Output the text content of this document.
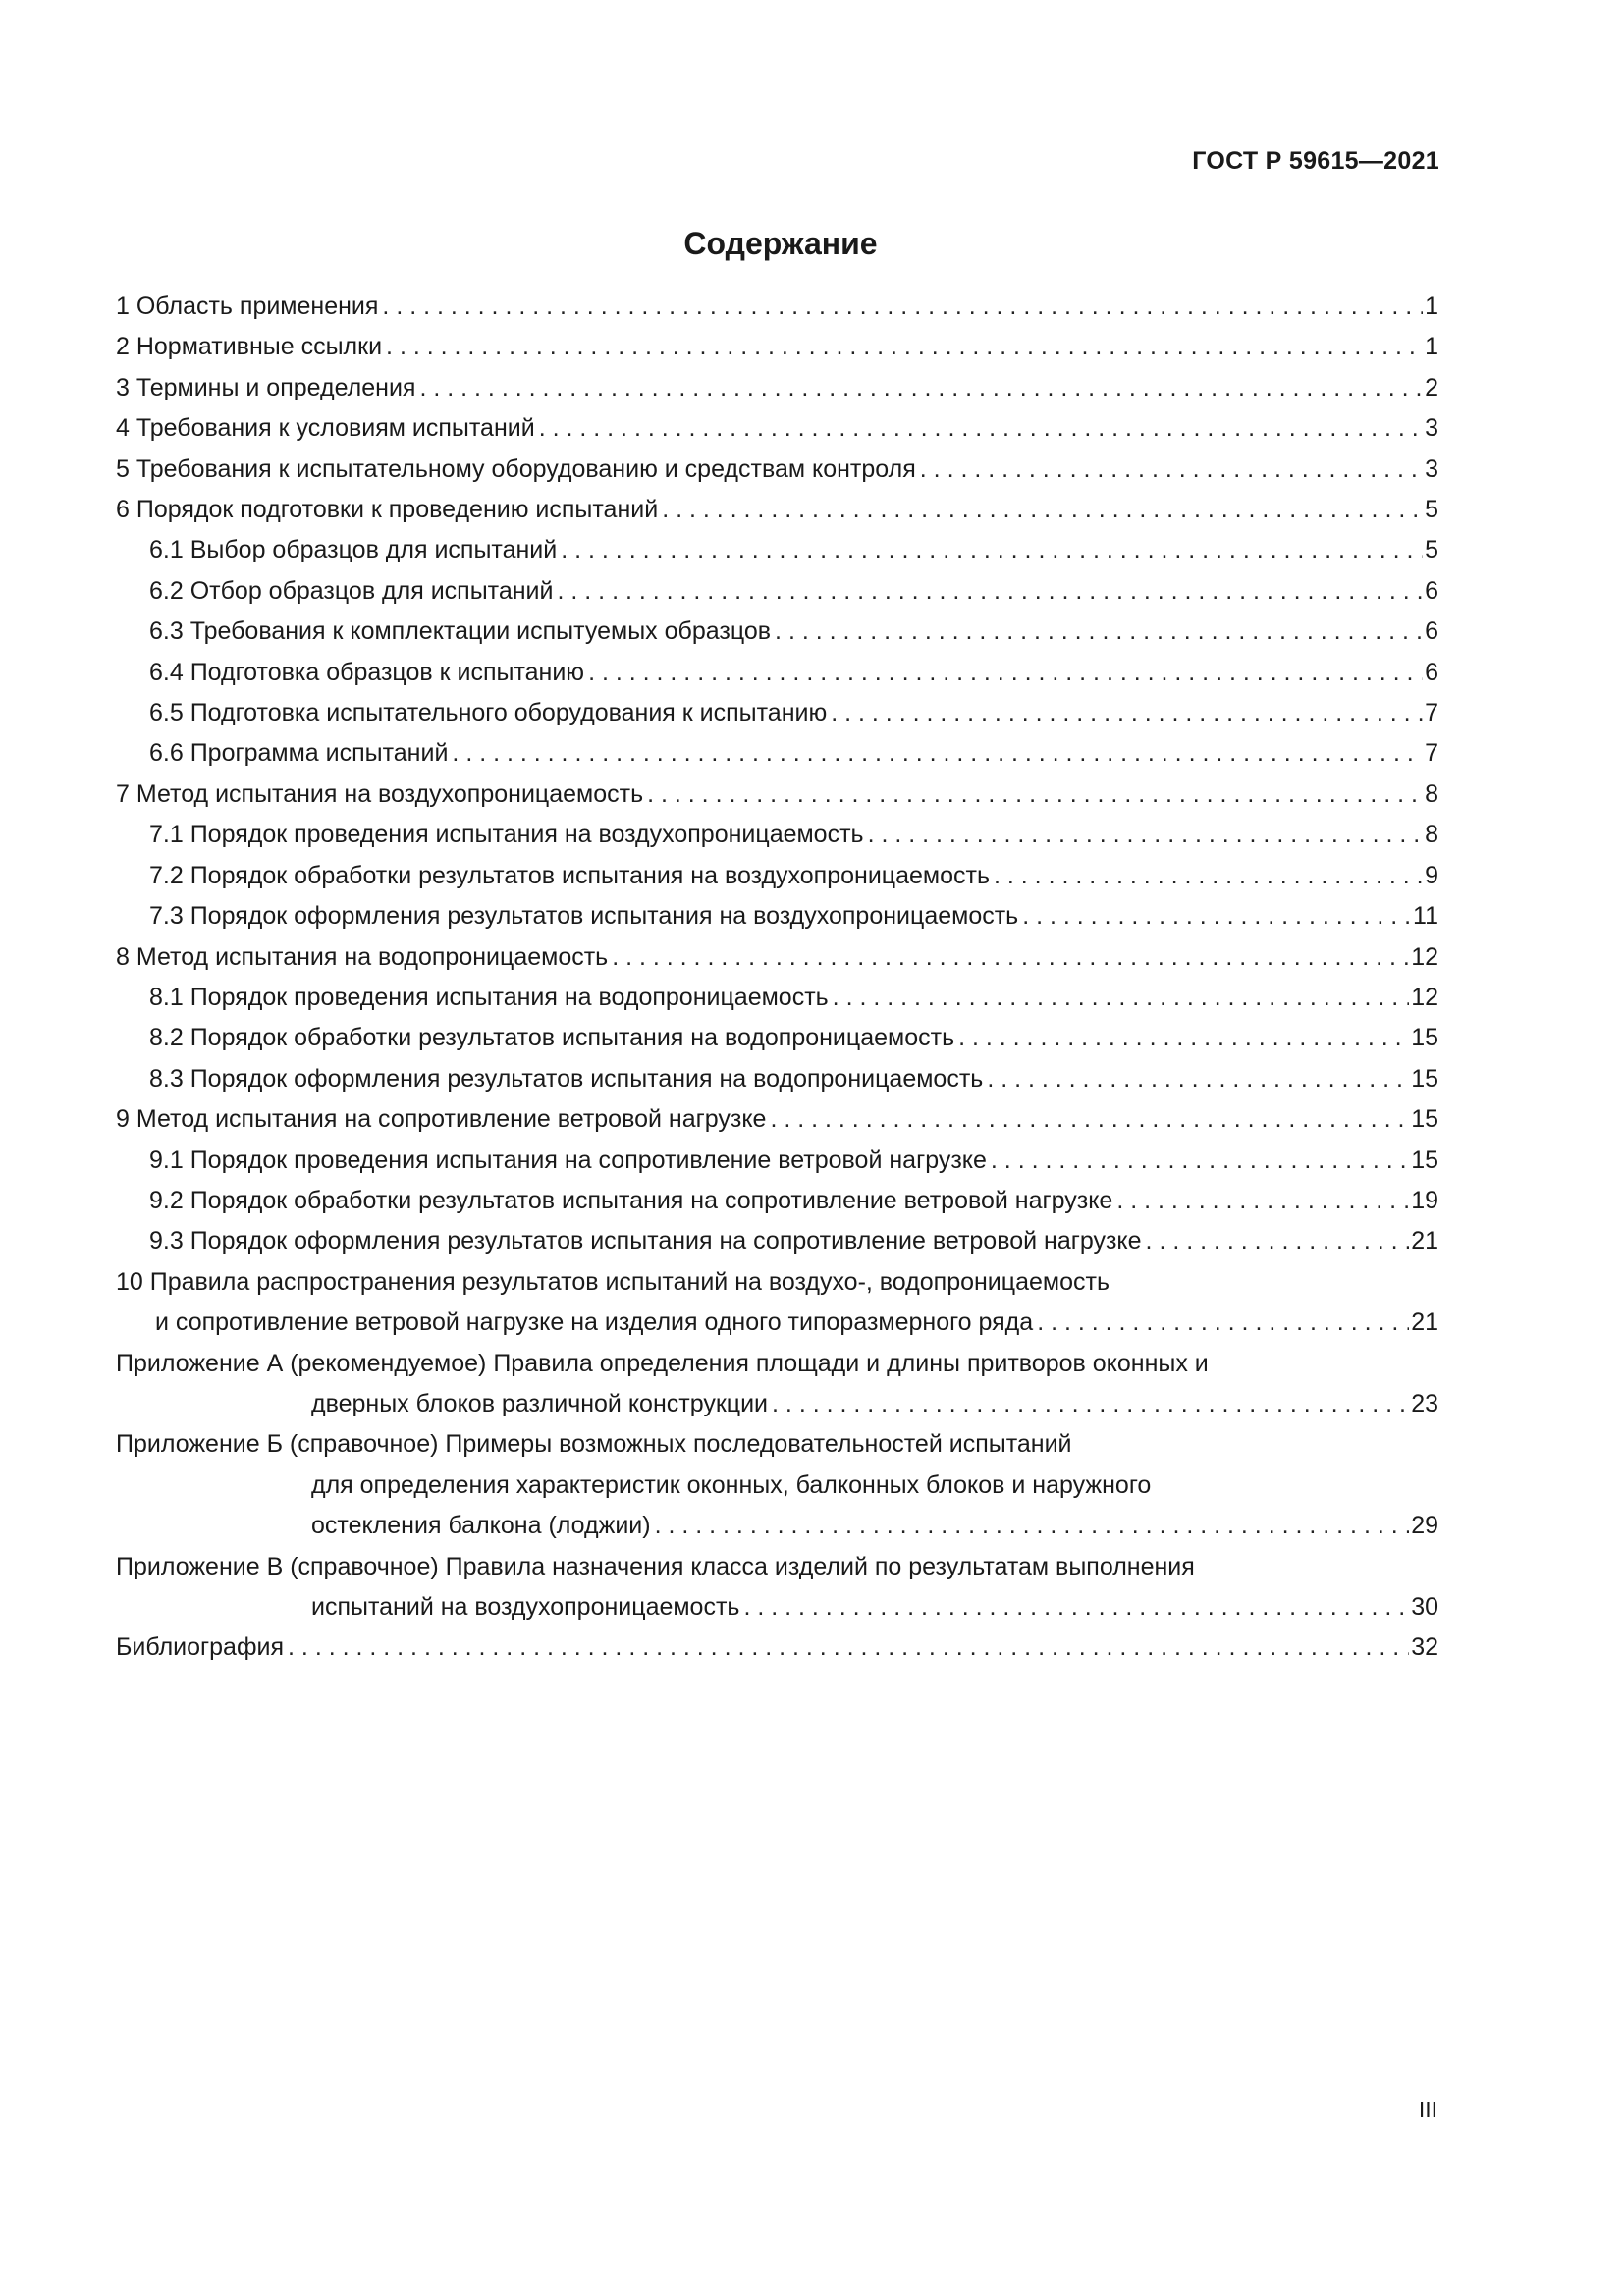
ГОСТ Р 59615—2021
Содержание
1 Область применения . . .	1
2 Нормативные ссылки . . .	1
3 Термины и определения . . .	2
4 Требования к условиям испытаний . . .	3
5 Требования к испытательному оборудованию и средствам контроля . . .	3
6 Порядок подготовки к проведению испытаний . . .	5
6.1 Выбор образцов для испытаний . . .	5
6.2 Отбор образцов для испытаний . . .	6
6.3 Требования к комплектации испытуемых образцов . . .	6
6.4 Подготовка образцов к испытанию . . .	6
6.5 Подготовка испытательного оборудования к испытанию . . .	7
6.6 Программа испытаний . . .	7
7 Метод испытания на воздухопроницаемость . . .	8
7.1 Порядок проведения испытания на воздухопроницаемость . . .	8
7.2 Порядок обработки результатов испытания на воздухопроницаемость . . .	9
7.3 Порядок оформления результатов испытания на воздухопроницаемость . . .	11
8 Метод испытания на водопроницаемость . . .	12
8.1 Порядок проведения испытания на водопроницаемость . . .	12
8.2 Порядок обработки результатов испытания на водопроницаемость . . .	15
8.3 Порядок оформления результатов испытания на водопроницаемость . . .	15
9 Метод испытания на сопротивление ветровой нагрузке . . .	15
9.1 Порядок проведения испытания на сопротивление ветровой нагрузке . . .	15
9.2 Порядок обработки результатов испытания на сопротивление ветровой нагрузке . . .	19
9.3 Порядок оформления результатов испытания на сопротивление ветровой нагрузке . . .	21
10 Правила распространения результатов испытаний на воздухо-, водопроницаемость
и сопротивление ветровой нагрузке на изделия одного типоразмерного ряда . . .	21
Приложение А (рекомендуемое) Правила определения площади и длины притворов оконных и
дверных блоков различной конструкции . . .	23
Приложение Б (справочное) Примеры возможных последовательностей испытаний
для определения характеристик оконных, балконных блоков и наружного
остекления балкона (лоджии) . . .	29
Приложение В (справочное) Правила назначения класса изделий по результатам выполнения
испытаний на воздухопроницаемость . . .	30
Библиография . . .	32
III
